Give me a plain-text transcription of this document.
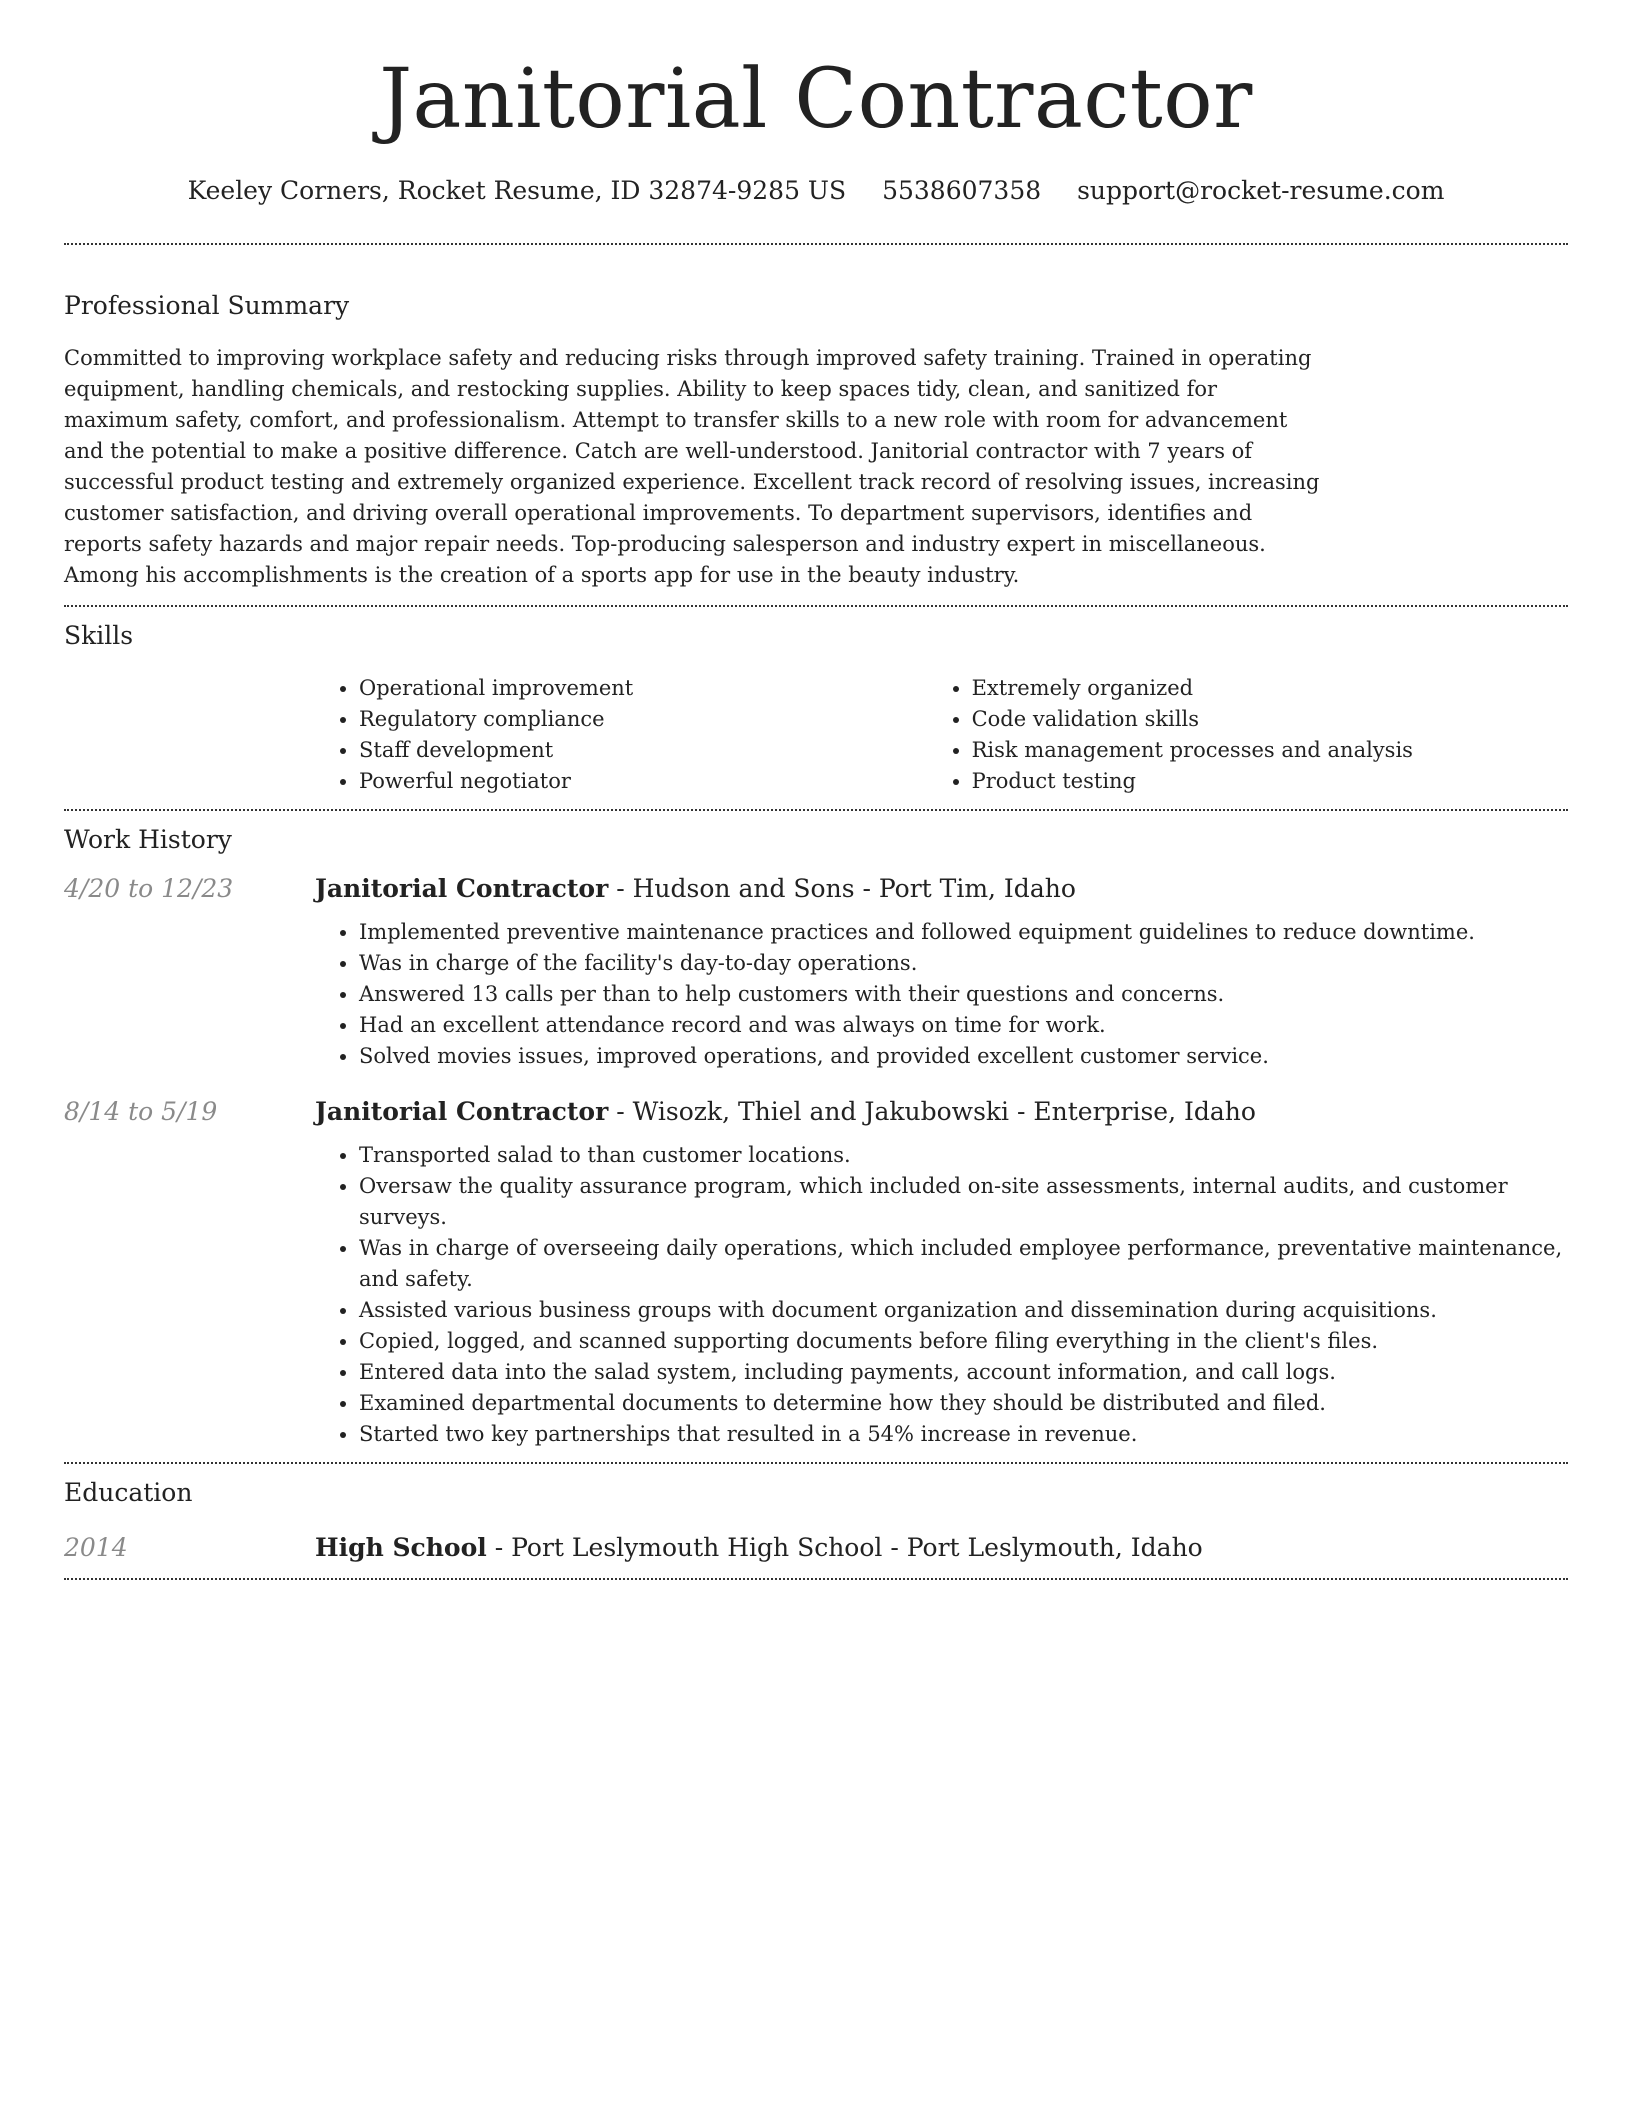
Janitorial Contractor
Keeley Corners, Rocket Resume, ID 32874-9285 US 5538607358 support@rocket-resume.com
Professional Summary

Committed to improving workplace safety and reducing risks through improved safety training. Trained in operating equipment, handling chemicals, and restocking supplies. Ability to keep spaces tidy, clean, and sanitized for maximum safety, comfort, and professionalism. Attempt to transfer skills to a new role with room for advancement and the potential to make a positive difference. Catch are well-understood. Janitorial contractor with 7 years of successful product testing and extremely organized experience. Excellent track record of resolving issues, increasing customer satisfaction, and driving overall operational improvements. To department supervisors, identifies and reports safety hazards and major repair needs. Top-producing salesperson and industry expert in miscellaneous. Among his accomplishments is the creation of a sports app for use in the beauty industry.

Skills
• Operational improvement
• Regulatory compliance
• Staff development
• Powerful negotiator
• Extremely organized
• Code validation skills
• Risk management processes and analysis
• Product testing
Work History
4/20 to 12/23	Janitorial Contractor - Hudson and Sons - Port Tim, Idaho

• Implemented preventive maintenance practices and followed equipment guidelines to reduce downtime.
• Was in charge of the facility's day-to-day operations.
• Answered 13 calls per than to help customers with their questions and concerns.
• Had an excellent attendance record and was always on time for work.
• Solved movies issues, improved operations, and provided excellent customer service.
8/14 to 5/19	Janitorial Contractor - Wisozk, Thiel and Jakubowski - Enterprise, Idaho

• Transported salad to than customer locations.
• Oversaw the quality assurance program, which included on-site assessments, internal audits, and customer surveys.
• Was in charge of overseeing daily operations, which included employee performance, preventative maintenance, and safety.
• Assisted various business groups with document organization and dissemination during acquisitions.
• Copied, logged, and scanned supporting documents before filing everything in the client's files.
• Entered data into the salad system, including payments, account information, and call logs.
• Examined departmental documents to determine how they should be distributed and filed.
• Started two key partnerships that resulted in a 54% increase in revenue.
Education
2014	High School - Port Leslymouth High School - Port Leslymouth, Idaho
